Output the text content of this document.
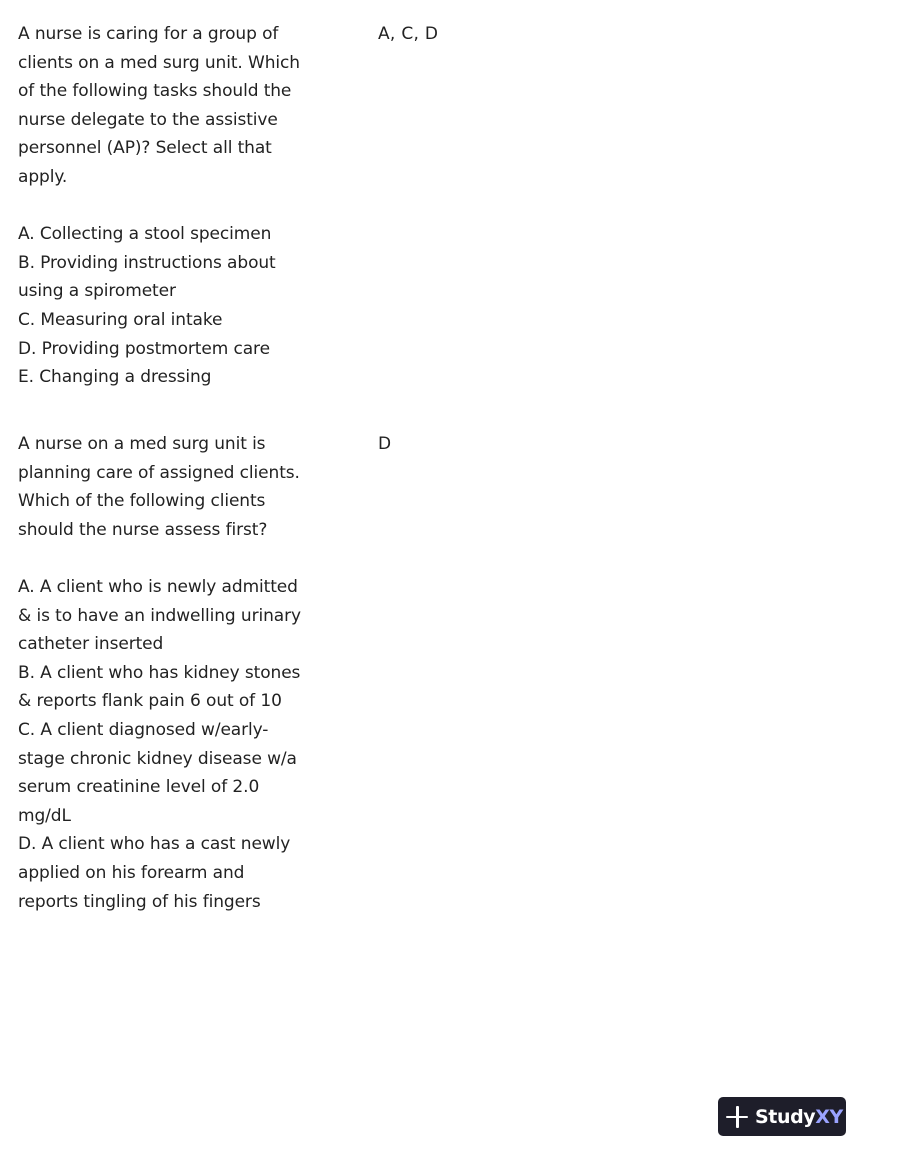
A nurse is caring for a group of clients on a med surg unit. Which of the following tasks should the nurse delegate to the assistive personnel (AP)? Select all that apply.

A. Collecting a stool specimen

B. Providing instructions about using a spirometer

C. Measuring oral intake

D. Providing postmortem care

E. Changing a dressing

A, C, D

A nurse on a med surg unit is planning care of assigned clients. Which of the following clients should the nurse assess first?

A. A client who is newly admitted & is to have an indwelling urinary catheter inserted

B. A client who has kidney stones & reports flank pain 6 out of 10

C. A client diagnosed w/early-stage chronic kidney disease w/a serum creatinine level of 2.0 mg/dL

D. A client who has a cast newly applied on his forearm and reports tingling of his fingers

D
StudyXY
